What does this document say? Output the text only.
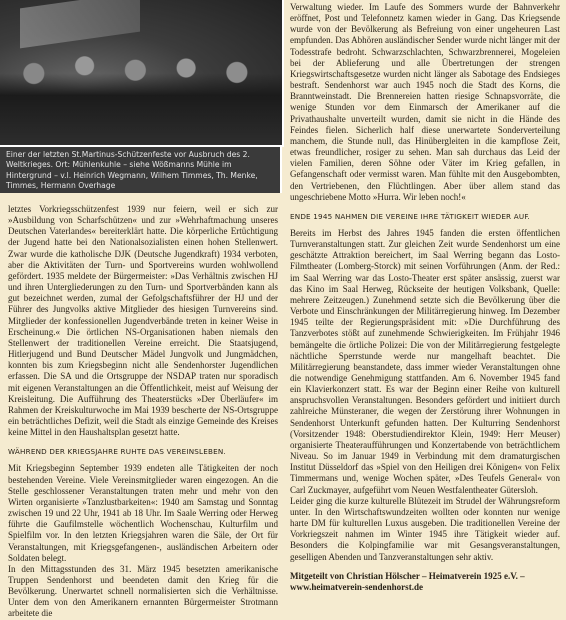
Einer der letzten St.Martinus-Schützenfeste vor Ausbruch des 2. Weltkrieges. Ort: Mühlenkuhle – siehe Wößmanns Mühle im Hintergrund – v.l. Heinrich Wegmann, Wilhem Timmes, Th. Menke, Timmes, Hermann Overhage

letztes Vorkriegsschützenfest 1939 nur feiern, weil er sich zur »Ausbildung von Scharfschützen« und zur »Wehrhaftmachung unseres Deutschen Vaterlandes« bereiterklärt hatte. Die körperliche Ertüchtigung der Jugend hatte bei den Nationalsozialisten einen hohen Stellenwert. Zwar wurde die katholische DJK (Deutsche Jugendkraft) 1934 verboten, aber die Aktivitäten der Turn- und Sportvereins wurden wohlwollend gefördert. 1935 meldete der Bürgermeister: »Das Verhältnis zwischen HJ und ihren Untergliederungen zu den Turn- und Sportverbänden kann als gut bezeichnet werden, zumal der Gefolgschaftsführer der HJ und der Führer des Jungvolks aktive Mitglieder des hiesigen Turnvereins sind. Mitglieder der konfessionellen Jugendverbände treten in keiner Weise in Erscheinung.« Die örtlichen NS-Organisationen haben niemals den Stellenwert der traditionellen Vereine erreicht. Die Staatsjugend, Hitlerjugend und Bund Deutscher Mädel Jungvolk und Jungmädchen, konnten bis zum Kriegsbeginn nicht alle Sendenhorster Jugendlichen erfassen. Die SA und die Ortsgruppe der NSDAP traten nur sporadisch mit eigenen Veranstaltungen an die Öffentlichkeit, meist auf Weisung der Kreisleitung. Die Aufführung des Theaterstücks »Der Überläufer« im Rahmen der Kreiskulturwoche im Mai 1939 bescherte der NS-Ortsgruppe ein beträchtliches Defizit, weil die Stadt als einzige Gemeinde des Kreises keine Mittel in den Haushaltsplan gesetzt hatte.

WÄHREND DER KRIEGSJAHRE RUHTE DAS VEREINSLEBEN.

Mit Kriegsbeginn September 1939 endeten alle Tätigkeiten der noch bestehenden Vereine. Viele Vereinsmitglieder waren eingezogen. An die Stelle geschlossener Veranstaltungen traten mehr und mehr von den Wirten organisierte »Tanzlustbarkeiten«: 1940 am Samstag und Sonntag zwischen 19 und 22 Uhr, 1941 ab 18 Uhr. Im Saale Werring oder Herweg führte die Gaufilmstelle wöchentlich Wochenschau, Kulturfilm und Spielfilm vor. In den letzten Kriegsjahren waren die Säle, der Ort für Veranstaltungen, mit Kriegsgefangenen-, ausländischen Arbeitern oder Soldaten belegt.

In den Mittagsstunden des 31. März 1945 besetzten amerikanische Truppen Sendenhorst und beendeten damit den Krieg für die Bevölkerung. Unerwartet schnell normalisierten sich die Verhältnisse. Unter dem von den Amerikanern ernannten Bürgermeister Strotmann arbeitete die

Verwaltung wieder. Im Laufe des Sommers wurde der Bahnverkehr eröffnet, Post und Telefonnetz kamen wieder in Gang. Das Kriegsende wurde von der Bevölkerung als Befreiung von einer ungeheuren Last empfunden. Das Abhören ausländischer Sender wurde nicht länger mit der Todesstrafe bedroht. Schwarzschlachten, Schwarzbrennerei, Mogeleien bei der Ablieferung und alle Übertretungen der strengen Kriegswirtschaftsgesetze wurden nicht länger als Sabotage des Endsieges bestraft. Sendenhorst war auch 1945 noch die Stadt des Korns, die Branntweinstadt. Die Brennereien hatten riesige Schnapsvorräte, die wenige Stunden vor dem Einmarsch der Amerikaner auf die Privathaushalte unverteilt wurden, damit sie nicht in die Hände des Feindes fielen. Sicherlich half diese unerwartete Sonderverteilung manchem, die Stunde null, das Hinübergleiten in die kampflose Zeit, etwas freundlicher, rosiger zu sehen. Man sah durchaus das Leid der vielen Familien, deren Söhne oder Väter im Krieg gefallen, in Gefangenschaft oder vermisst waren. Man fühlte mit den Ausgebombten, den Vertriebenen, den Flüchtlingen. Aber über allem stand das ungeschriebene Motto »Hurra. Wir leben noch!«

ENDE 1945 NAHMEN DIE VEREINE IHRE TÄTIGKEIT WIEDER AUF.

Bereits im Herbst des Jahres 1945 fanden die ersten öffentlichen Turnveranstaltungen statt. Zur gleichen Zeit wurde Sendenhorst um eine geschätzte Attraktion bereichert, im Saal Werring begann das Losto-Filmtheater (Lomberg-Storck) mit seinen Vorführungen (Anm. der Red.: im Saal Werring war das Losto-Theater erst später ansässig, zuerst war das Kino im Saal Herweg, Rückseite der heutigen Volksbank, Quelle: mehrere Zeitzeugen.) Zunehmend setzte sich die Bevölkerung über die Verbote und Einschränkungen der Militärregierung hinweg. Im Dezember 1945 teilte der Regierungspräsident mit: »Die Durchführung des Tanzverbotes stößt auf zunehmende Schwierigkeiten. Im Frühjahr 1946 bemängelte die örtliche Polizei: Die von der Militärregierung festgelegte nächtliche Sperrstunde werde nur mangelhaft beachtet. Die Militärregierung beanstandete, dass immer wieder Veranstaltungen ohne die notwendige Genehmigung stattfanden. Am 6. November 1945 fand ein Klavierkonzert statt. Es war der Beginn einer Reihe von kulturell anspruchsvollen Veranstaltungen. Besonders gefördert und initiiert durch zahlreiche Münsteraner, die wegen der Zerstörung ihrer Wohnungen in Sendenhorst Unterkunft gefunden hatten. Der Kulturring Sendenhorst (Vorsitzender 1948: Oberstudiendirektor Klein, 1949: Herr Meuser) organisierte Theateraufführungen und Konzertabende von beträchtlichem Niveau. So im Januar 1949 in Verbindung mit dem dramaturgischen Institut Düsseldorf das »Spiel von den Heiligen drei Königen« von Felix Timmermans und, wenige Wochen später, »Des Teufels General« von Carl Zuckmayer, aufgeführt vom Neuen Westfalentheater Gütersloh.

Leider ging die kurze kulturelle Blütezeit im Strudel der Währungsreform unter. In den Wirtschaftswundzeiten wollten oder konnten nur wenige harte DM für kulturellen Luxus ausgeben. Die traditionellen Vereine der Vorkriegszeit nahmen im Winter 1945 ihre Tätigkeit wieder auf. Besonders die Kolpingfamilie war mit Gesangsveranstaltungen, geselligen Abenden und Tanzveranstaltungen sehr aktiv.

Mitgeteilt von Christian Hölscher – Heimatverein 1925 e.V. – www.heimatverein-sendenhorst.de
